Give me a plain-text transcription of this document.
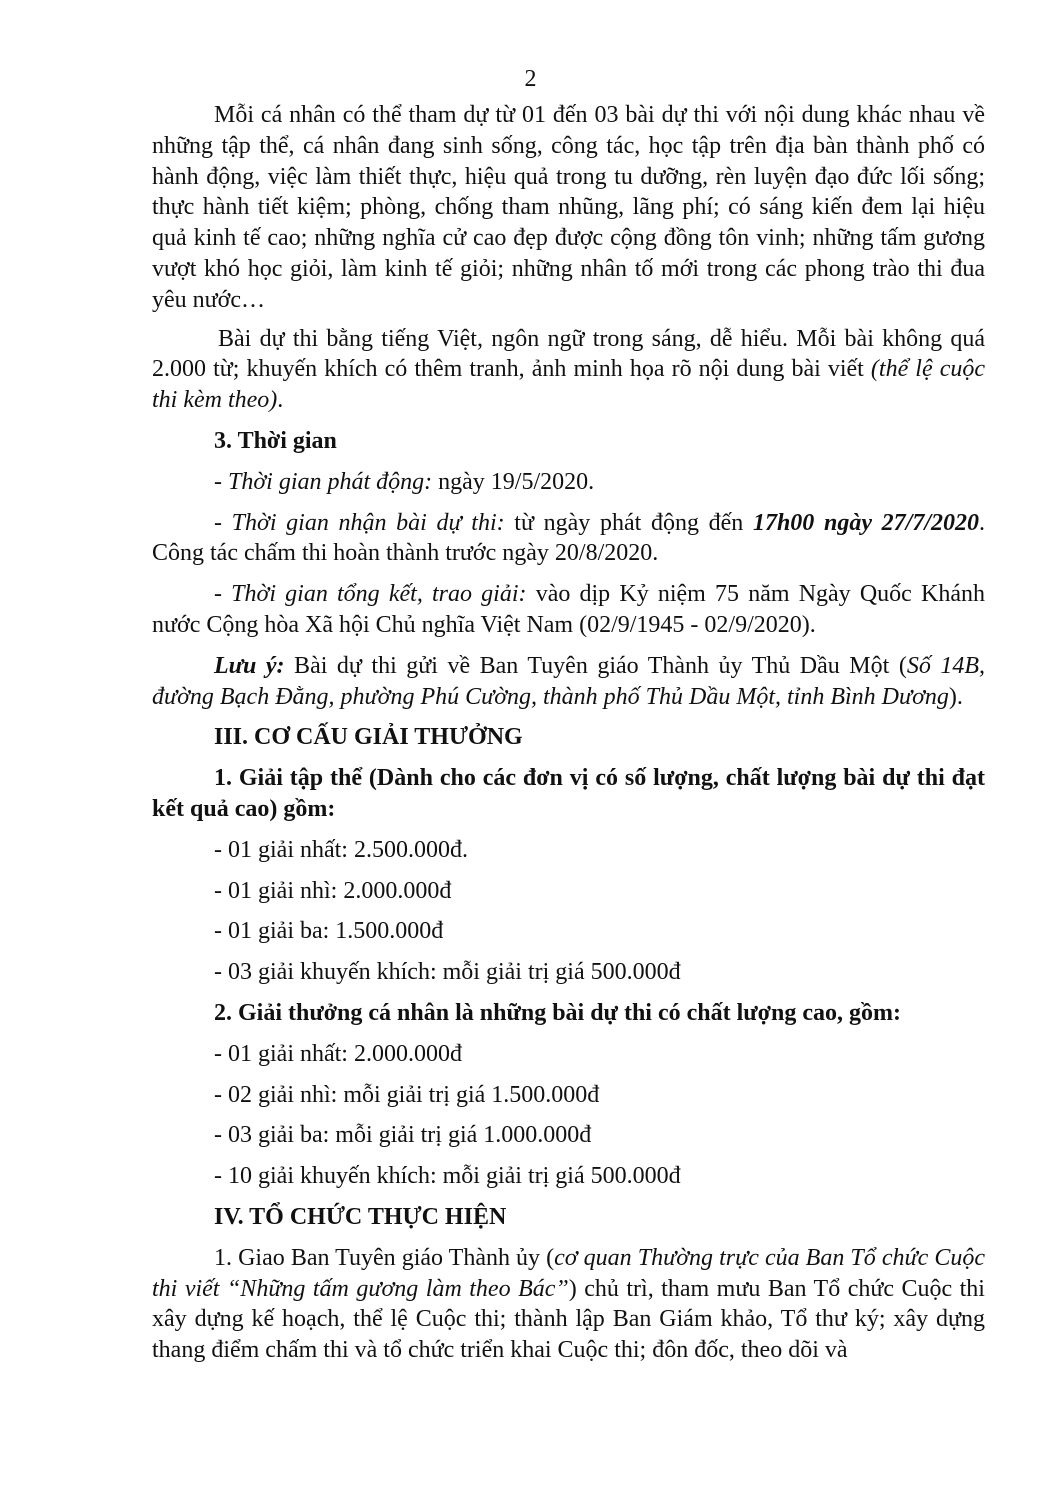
2

Mỗi cá nhân có thể tham dự từ 01 đến 03 bài dự thi với nội dung khác nhau về những tập thể, cá nhân đang sinh sống, công tác, học tập trên địa bàn thành phố có hành động, việc làm thiết thực, hiệu quả trong tu dưỡng, rèn luyện đạo đức lối sống; thực hành tiết kiệm; phòng, chống tham nhũng, lãng phí; có sáng kiến đem lại hiệu quả kinh tế cao; những nghĩa cử cao đẹp được cộng đồng tôn vinh; những tấm gương vượt khó học giỏi, làm kinh tế giỏi; những nhân tố mới trong các phong trào thi đua yêu nước…

Bài dự thi bằng tiếng Việt, ngôn ngữ trong sáng, dễ hiểu. Mỗi bài không quá 2.000 từ; khuyến khích có thêm tranh, ảnh minh họa rõ nội dung bài viết (thể lệ cuộc thi kèm theo).

3. Thời gian

- Thời gian phát động: ngày 19/5/2020.

- Thời gian nhận bài dự thi: từ ngày phát động đến 17h00 ngày 27/7/2020. Công tác chấm thi hoàn thành trước ngày 20/8/2020.

- Thời gian tổng kết, trao giải: vào dịp Kỷ niệm 75 năm Ngày Quốc Khánh nước Cộng hòa Xã hội Chủ nghĩa Việt Nam (02/9/1945 - 02/9/2020).

Lưu ý: Bài dự thi gửi về Ban Tuyên giáo Thành ủy Thủ Dầu Một (Số 14B, đường Bạch Đằng, phường Phú Cường, thành phố Thủ Dầu Một, tỉnh Bình Dương).

III. CƠ CẤU GIẢI THƯỞNG

1. Giải tập thể (Dành cho các đơn vị có số lượng, chất lượng bài dự thi đạt kết quả cao) gồm:

- 01 giải nhất: 2.500.000đ.

- 01 giải nhì: 2.000.000đ

- 01 giải ba: 1.500.000đ

- 03 giải khuyến khích: mỗi giải trị giá 500.000đ

2. Giải thưởng cá nhân là những bài dự thi có chất lượng cao, gồm:

- 01 giải nhất: 2.000.000đ

- 02 giải nhì: mỗi giải trị giá 1.500.000đ

- 03 giải ba: mỗi giải trị giá 1.000.000đ

- 10 giải khuyến khích: mỗi giải trị giá 500.000đ

IV. TỔ CHỨC THỰC HIỆN

1. Giao Ban Tuyên giáo Thành ủy (cơ quan Thường trực của Ban Tổ chức Cuộc thi viết “Những tấm gương làm theo Bác”) chủ trì, tham mưu Ban Tổ chức Cuộc thi xây dựng kế hoạch, thể lệ Cuộc thi; thành lập Ban Giám khảo, Tổ thư ký; xây dựng thang điểm chấm thi và tổ chức triển khai Cuộc thi; đôn đốc, theo dõi và
